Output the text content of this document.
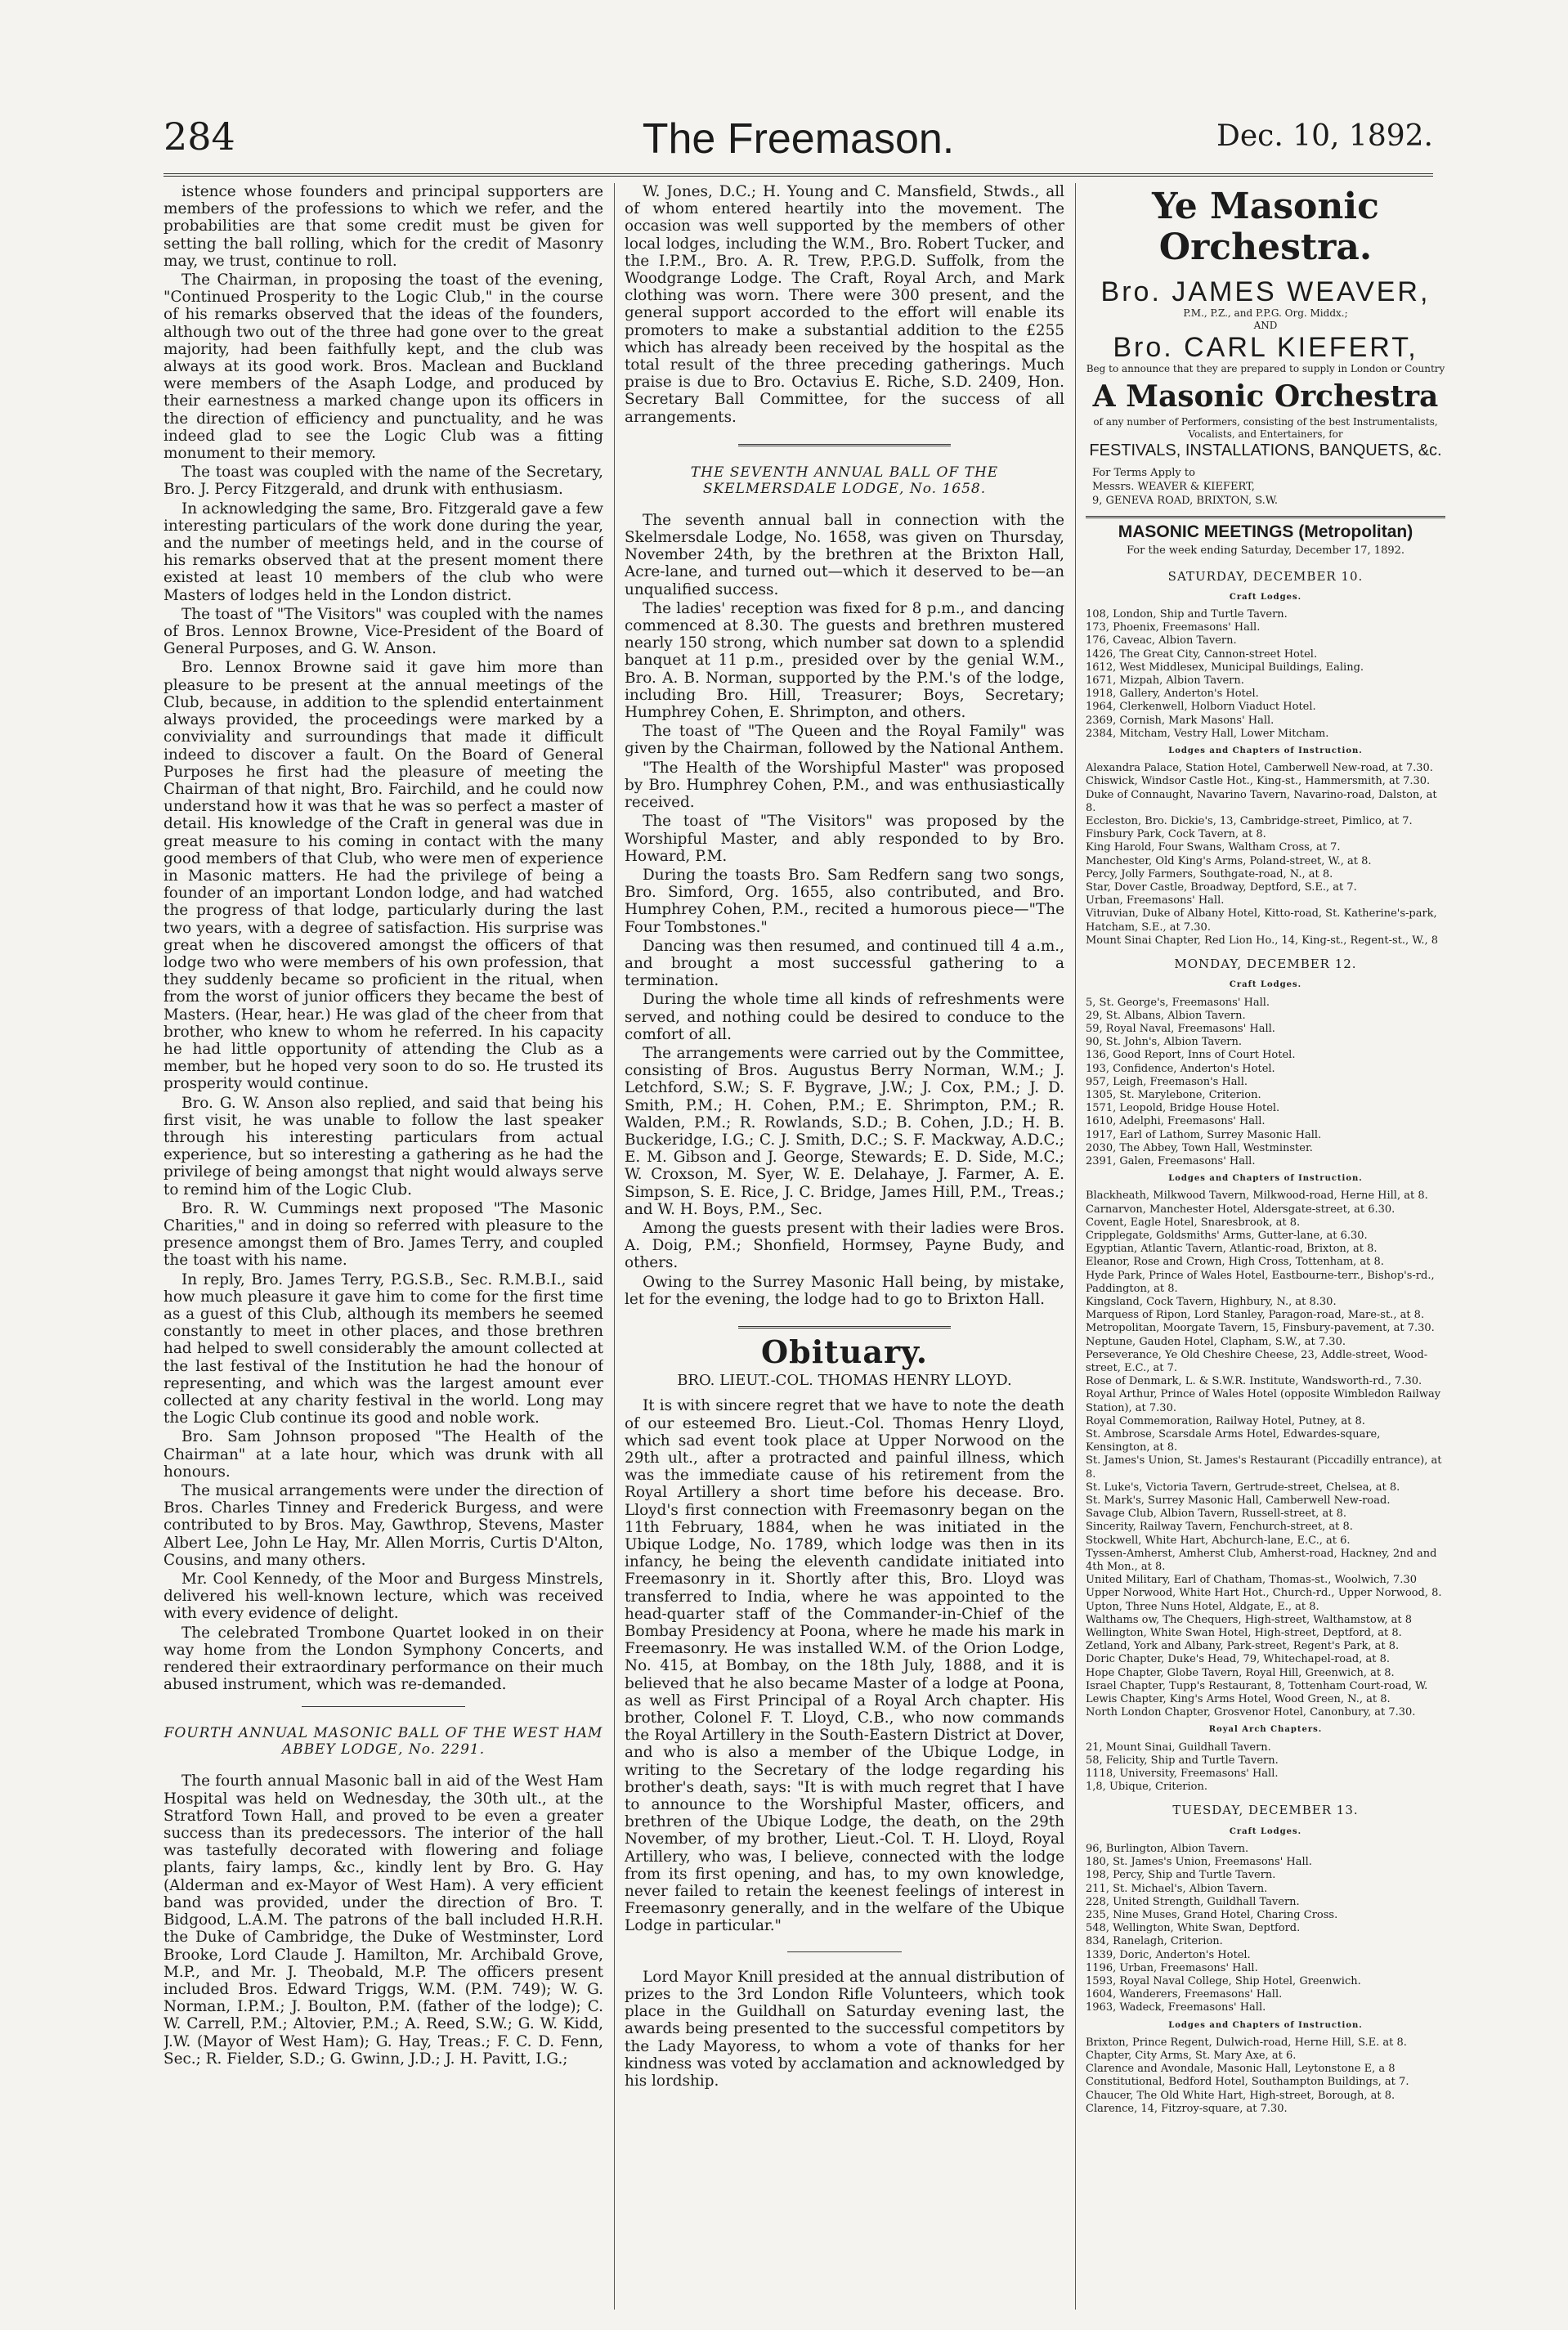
284	The Freemason.	Dec. 10, 1892.

istence whose founders and principal supporters are members of the professions to which we refer, and the probabilities are that some credit must be given for setting the ball rolling, which for the credit of Masonry may, we trust, continue to roll.

The Chairman, in proposing the toast of the evening, "Continued Prosperity to the Logic Club," in the course of his remarks observed that the ideas of the founders, although two out of the three had gone over to the great majority, had been faithfully kept, and the club was always at its good work. Bros. Maclean and Buckland were members of the Asaph Lodge, and produced by their earnestness a marked change upon its officers in the direction of efficiency and punctuality, and he was indeed glad to see the Logic Club was a fitting monument to their memory.

The toast was coupled with the name of the Secretary, Bro. J. Percy Fitzgerald, and drunk with enthusiasm.

In acknowledging the same, Bro. Fitzgerald gave a few interesting particulars of the work done during the year, and the number of meetings held, and in the course of his remarks observed that at the present moment there existed at least 10 members of the club who were Masters of lodges held in the London district.

The toast of "The Visitors" was coupled with the names of Bros. Lennox Browne, Vice-President of the Board of General Purposes, and G. W. Anson.

Bro. Lennox Browne said it gave him more than pleasure to be present at the annual meetings of the Club, because, in addition to the splendid entertainment always provided, the proceedings were marked by a conviviality and surroundings that made it difficult indeed to discover a fault. On the Board of General Purposes he first had the pleasure of meeting the Chairman of that night, Bro. Fairchild, and he could now understand how it was that he was so perfect a master of detail. His knowledge of the Craft in general was due in great measure to his coming in contact with the many good members of that Club, who were men of experience in Masonic matters. He had the privilege of being a founder of an important London lodge, and had watched the progress of that lodge, particularly during the last two years, with a degree of satisfaction. His surprise was great when he discovered amongst the officers of that lodge two who were members of his own profession, that they suddenly became so proficient in the ritual, when from the worst of junior officers they became the best of Masters. (Hear, hear.) He was glad of the cheer from that brother, who knew to whom he referred. In his capacity he had little opportunity of attending the Club as a member, but he hoped very soon to do so. He trusted its prosperity would continue.

Bro. G. W. Anson also replied, and said that being his first visit, he was unable to follow the last speaker through his interesting particulars from actual experience, but so interesting a gathering as he had the privilege of being amongst that night would always serve to remind him of the Logic Club.

Bro. R. W. Cummings next proposed "The Masonic Charities," and in doing so referred with pleasure to the presence amongst them of Bro. James Terry, and coupled the toast with his name.

In reply, Bro. James Terry, P.G.S.B., Sec. R.M.B.I., said how much pleasure it gave him to come for the first time as a guest of this Club, although its members he seemed constantly to meet in other places, and those brethren had helped to swell considerably the amount collected at the last festival of the Institution he had the honour of representing, and which was the largest amount ever collected at any charity festival in the world. Long may the Logic Club continue its good and noble work.

Bro. Sam Johnson proposed "The Health of the Chairman" at a late hour, which was drunk with all honours.

The musical arrangements were under the direction of Bros. Charles Tinney and Frederick Burgess, and were contributed to by Bros. May, Gawthrop, Stevens, Master Albert Lee, John Le Hay, Mr. Allen Morris, Curtis D'Alton, Cousins, and many others.

Mr. Cool Kennedy, of the Moor and Burgess Minstrels, delivered his well-known lecture, which was received with every evidence of delight.

The celebrated Trombone Quartet looked in on their way home from the London Symphony Concerts, and rendered their extraordinary performance on their much abused instrument, which was re-demanded.

FOURTH ANNUAL MASONIC BALL OF THE WEST HAM ABBEY LODGE, No. 2291.

The fourth annual Masonic ball in aid of the West Ham Hospital was held on Wednesday, the 30th ult., at the Stratford Town Hall, and proved to be even a greater success than its predecessors. The interior of the hall was tastefully decorated with flowering and foliage plants, fairy lamps, &c., kindly lent by Bro. G. Hay (Alderman and ex-Mayor of West Ham). A very efficient band was provided, under the direction of Bro. T. Bidgood, L.A.M. The patrons of the ball included H.R.H. the Duke of Cambridge, the Duke of Westminster, Lord Brooke, Lord Claude J. Hamilton, Mr. Archibald Grove, M.P., and Mr. J. Theobald, M.P. The officers present included Bros. Edward Triggs, W.M. (P.M. 749); W. G. Norman, I.P.M.; J. Boulton, P.M. (father of the lodge); C. W. Carrell, P.M.; Altovier, P.M.; A. Reed, S.W.; G. W. Kidd, J.W. (Mayor of West Ham); G. Hay, Treas.; F. C. D. Fenn, Sec.; R. Fielder, S.D.; G. Gwinn, J.D.; J. H. Pavitt, I.G.;

W. Jones, D.C.; H. Young and C. Mansfield, Stwds., all of whom entered heartily into the movement. The occasion was well supported by the members of other local lodges, including the W.M., Bro. Robert Tucker, and the I.P.M., Bro. A. R. Trew, P.P.G.D. Suffolk, from the Woodgrange Lodge. The Craft, Royal Arch, and Mark clothing was worn. There were 300 present, and the general support accorded to the effort will enable its promoters to make a substantial addition to the £255 which has already been received by the hospital as the total result of the three preceding gatherings. Much praise is due to Bro. Octavius E. Riche, S.D. 2409, Hon. Secretary Ball Committee, for the success of all arrangements.

THE SEVENTH ANNUAL BALL OF THE SKELMERSDALE LODGE, No. 1658.

The seventh annual ball in connection with the Skelmersdale Lodge, No. 1658, was given on Thursday, November 24th, by the brethren at the Brixton Hall, Acre-lane, and turned out—which it deserved to be—an unqualified success.

The ladies' reception was fixed for 8 p.m., and dancing commenced at 8.30. The guests and brethren mustered nearly 150 strong, which number sat down to a splendid banquet at 11 p.m., presided over by the genial W.M., Bro. A. B. Norman, supported by the P.M.'s of the lodge, including Bro. Hill, Treasurer; Boys, Secretary; Humphrey Cohen, E. Shrimpton, and others.

The toast of "The Queen and the Royal Family" was given by the Chairman, followed by the National Anthem.

"The Health of the Worshipful Master" was proposed by Bro. Humphrey Cohen, P.M., and was enthusiastically received.

The toast of "The Visitors" was proposed by the Worshipful Master, and ably responded to by Bro. Howard, P.M.

During the toasts Bro. Sam Redfern sang two songs, Bro. Simford, Org. 1655, also contributed, and Bro. Humphrey Cohen, P.M., recited a humorous piece—"The Four Tombstones."

Dancing was then resumed, and continued till 4 a.m., and brought a most successful gathering to a termination.

During the whole time all kinds of refreshments were served, and nothing could be desired to conduce to the comfort of all.

The arrangements were carried out by the Committee, consisting of Bros. Augustus Berry Norman, W.M.; J. Letchford, S.W.; S. F. Bygrave, J.W.; J. Cox, P.M.; J. D. Smith, P.M.; H. Cohen, P.M.; E. Shrimpton, P.M.; R. Walden, P.M.; R. Rowlands, S.D.; B. Cohen, J.D.; H. B. Buckeridge, I.G.; C. J. Smith, D.C.; S. F. Mackway, A.D.C.; E. M. Gibson and J. George, Stewards; E. D. Side, M.C.; W. Croxson, M. Syer, W. E. Delahaye, J. Farmer, A. E. Simpson, S. E. Rice, J. C. Bridge, James Hill, P.M., Treas.; and W. H. Boys, P.M., Sec.

Among the guests present with their ladies were Bros. A. Doig, P.M.; Shonfield, Hormsey, Payne Budy, and others.

Owing to the Surrey Masonic Hall being, by mistake, let for the evening, the lodge had to go to Brixton Hall.

Obituary.
BRO. LIEUT.-COL. THOMAS HENRY LLOYD.

It is with sincere regret that we have to note the death of our esteemed Bro. Lieut.-Col. Thomas Henry Lloyd, which sad event took place at Upper Norwood on the 29th ult., after a protracted and painful illness, which was the immediate cause of his retirement from the Royal Artillery a short time before his decease. Bro. Lloyd's first connection with Freemasonry began on the 11th February, 1884, when he was initiated in the Ubique Lodge, No. 1789, which lodge was then in its infancy, he being the eleventh candidate initiated into Freemasonry in it. Shortly after this, Bro. Lloyd was transferred to India, where he was appointed to the head-quarter staff of the Commander-in-Chief of the Bombay Presidency at Poona, where he made his mark in Freemasonry. He was installed W.M. of the Orion Lodge, No. 415, at Bombay, on the 18th July, 1888, and it is believed that he also became Master of a lodge at Poona, as well as First Principal of a Royal Arch chapter. His brother, Colonel F. T. Lloyd, C.B., who now commands the Royal Artillery in the South-Eastern District at Dover, and who is also a member of the Ubique Lodge, in writing to the Secretary of the lodge regarding his brother's death, says: "It is with much regret that I have to announce to the Worshipful Master, officers, and brethren of the Ubique Lodge, the death, on the 29th November, of my brother, Lieut.-Col. T. H. Lloyd, Royal Artillery, who was, I believe, connected with the lodge from its first opening, and has, to my own knowledge, never failed to retain the keenest feelings of interest in Freemasonry generally, and in the welfare of the Ubique Lodge in particular."

Lord Mayor Knill presided at the annual distribution of prizes to the 3rd London Rifle Volunteers, which took place in the Guildhall on Saturday evening last, the awards being presented to the successful competitors by the Lady Mayoress, to whom a vote of thanks for her kindness was voted by acclamation and acknowledged by his lordship.

Ye Masonic Orchestra.
Bro. JAMES WEAVER,
P.M., P.Z., and P.P.G. Org. Middx.;
AND
Bro. CARL KIEFERT,
Beg to announce that they are prepared to supply in London or Country
A Masonic Orchestra
of any number of Performers, consisting of the best Instrumentalists, Vocalists, and Entertainers, for
FESTIVALS, INSTALLATIONS, BANQUETS, &c.
For Terms Apply to
Messrs. WEAVER & KIEFERT,
9, GENEVA ROAD, BRIXTON, S.W.
MASONIC MEETINGS (Metropolitan)
For the week ending Saturday, December 17, 1892.
SATURDAY, DECEMBER 10.
Craft Lodges.
108, London, Ship and Turtle Tavern.
173, Phoenix, Freemasons' Hall.
176, Caveac, Albion Tavern.
1426, The Great City, Cannon-street Hotel.
1612, West Middlesex, Municipal Buildings, Ealing.
1671, Mizpah, Albion Tavern.
1918, Gallery, Anderton's Hotel.
1964, Clerkenwell, Holborn Viaduct Hotel.
2369, Cornish, Mark Masons' Hall.
2384, Mitcham, Vestry Hall, Lower Mitcham.
Lodges and Chapters of Instruction.
Alexandra Palace, Station Hotel, Camberwell New-road, at 7.30.
Chiswick, Windsor Castle Hot., King-st., Hammersmith, at 7.30.
Duke of Connaught, Navarino Tavern, Navarino-road, Dalston, at 8.
Eccleston, Bro. Dickie's, 13, Cambridge-street, Pimlico, at 7.
Finsbury Park, Cock Tavern, at 8.
King Harold, Four Swans, Waltham Cross, at 7.
Manchester, Old King's Arms, Poland-street, W., at 8.
Percy, Jolly Farmers, Southgate-road, N., at 8.
Star, Dover Castle, Broadway, Deptford, S.E., at 7.
Urban, Freemasons' Hall.
Vitruvian, Duke of Albany Hotel, Kitto-road, St. Katherine's-park, Hatcham, S.E., at 7.30.
Mount Sinai Chapter, Red Lion Ho., 14, King-st., Regent-st., W., 8
MONDAY, DECEMBER 12.
Craft Lodges.
5, St. George's, Freemasons' Hall.
29, St. Albans, Albion Tavern.
59, Royal Naval, Freemasons' Hall.
90, St. John's, Albion Tavern.
136, Good Report, Inns of Court Hotel.
193, Confidence, Anderton's Hotel.
957, Leigh, Freemason's Hall.
1305, St. Marylebone, Criterion.
1571, Leopold, Bridge House Hotel.
1610, Adelphi, Freemasons' Hall.
1917, Earl of Lathom, Surrey Masonic Hall.
2030, The Abbey, Town Hall, Westminster.
2391, Galen, Freemasons' Hall.
Lodges and Chapters of Instruction.
Blackheath, Milkwood Tavern, Milkwood-road, Herne Hill, at 8.
Carnarvon, Manchester Hotel, Aldersgate-street, at 6.30.
Covent, Eagle Hotel, Snaresbrook, at 8.
Cripplegate, Goldsmiths' Arms, Gutter-lane, at 6.30.
Egyptian, Atlantic Tavern, Atlantic-road, Brixton, at 8.
Eleanor, Rose and Crown, High Cross, Tottenham, at 8.
Hyde Park, Prince of Wales Hotel, Eastbourne-terr., Bishop's-rd., Paddington, at 8.
Kingsland, Cock Tavern, Highbury, N., at 8.30.
Marquess of Ripon, Lord Stanley, Paragon-road, Mare-st., at 8.
Metropolitan, Moorgate Tavern, 15, Finsbury-pavement, at 7.30.
Neptune, Gauden Hotel, Clapham, S.W., at 7.30.
Perseverance, Ye Old Cheshire Cheese, 23, Addle-street, Wood-street, E.C., at 7.
Rose of Denmark, L. & S.W.R. Institute, Wandsworth-rd., 7.30.
Royal Arthur, Prince of Wales Hotel (opposite Wimbledon Railway Station), at 7.30.
Royal Commemoration, Railway Hotel, Putney, at 8.
St. Ambrose, Scarsdale Arms Hotel, Edwardes-square, Kensington, at 8.
St. James's Union, St. James's Restaurant (Piccadilly entrance), at 8.
St. Luke's, Victoria Tavern, Gertrude-street, Chelsea, at 8.
St. Mark's, Surrey Masonic Hall, Camberwell New-road.
Savage Club, Albion Tavern, Russell-street, at 8.
Sincerity, Railway Tavern, Fenchurch-street, at 8.
Stockwell, White Hart, Abchurch-lane, E.C., at 6.
Tyssen-Amherst, Amherst Club, Amherst-road, Hackney, 2nd and 4th Mon., at 8.
United Military, Earl of Chatham, Thomas-st., Woolwich, 7.30
Upper Norwood, White Hart Hot., Church-rd., Upper Norwood, 8.
Upton, Three Nuns Hotel, Aldgate, E., at 8.
Walthams ow, The Chequers, High-street, Walthamstow, at 8
Wellington, White Swan Hotel, High-street, Deptford, at 8.
Zetland, York and Albany, Park-street, Regent's Park, at 8.
Doric Chapter, Duke's Head, 79, Whitechapel-road, at 8.
Hope Chapter, Globe Tavern, Royal Hill, Greenwich, at 8.
Israel Chapter, Tupp's Restaurant, 8, Tottenham Court-road, W.
Lewis Chapter, King's Arms Hotel, Wood Green, N., at 8.
North London Chapter, Grosvenor Hotel, Canonbury, at 7.30.
Royal Arch Chapters.
21, Mount Sinai, Guildhall Tavern.
58, Felicity, Ship and Turtle Tavern.
1118, University, Freemasons' Hall.
1,8, Ubique, Criterion.
TUESDAY, DECEMBER 13.
Craft Lodges.
96, Burlington, Albion Tavern.
180, St. James's Union, Freemasons' Hall.
198, Percy, Ship and Turtle Tavern.
211, St. Michael's, Albion Tavern.
228, United Strength, Guildhall Tavern.
235, Nine Muses, Grand Hotel, Charing Cross.
548, Wellington, White Swan, Deptford.
834, Ranelagh, Criterion.
1339, Doric, Anderton's Hotel.
1196, Urban, Freemasons' Hall.
1593, Royal Naval College, Ship Hotel, Greenwich.
1604, Wanderers, Freemasons' Hall.
1963, Wadeck, Freemasons' Hall.
Lodges and Chapters of Instruction.
Brixton, Prince Regent, Dulwich-road, Herne Hill, S.E. at 8.
Chapter, City Arms, St. Mary Axe, at 6.
Clarence and Avondale, Masonic Hall, Leytonstone E, a 8
Constitutional, Bedford Hotel, Southampton Buildings, at 7.
Chaucer, The Old White Hart, High-street, Borough, at 8.
Clarence, 14, Fitzroy-square, at 7.30.
